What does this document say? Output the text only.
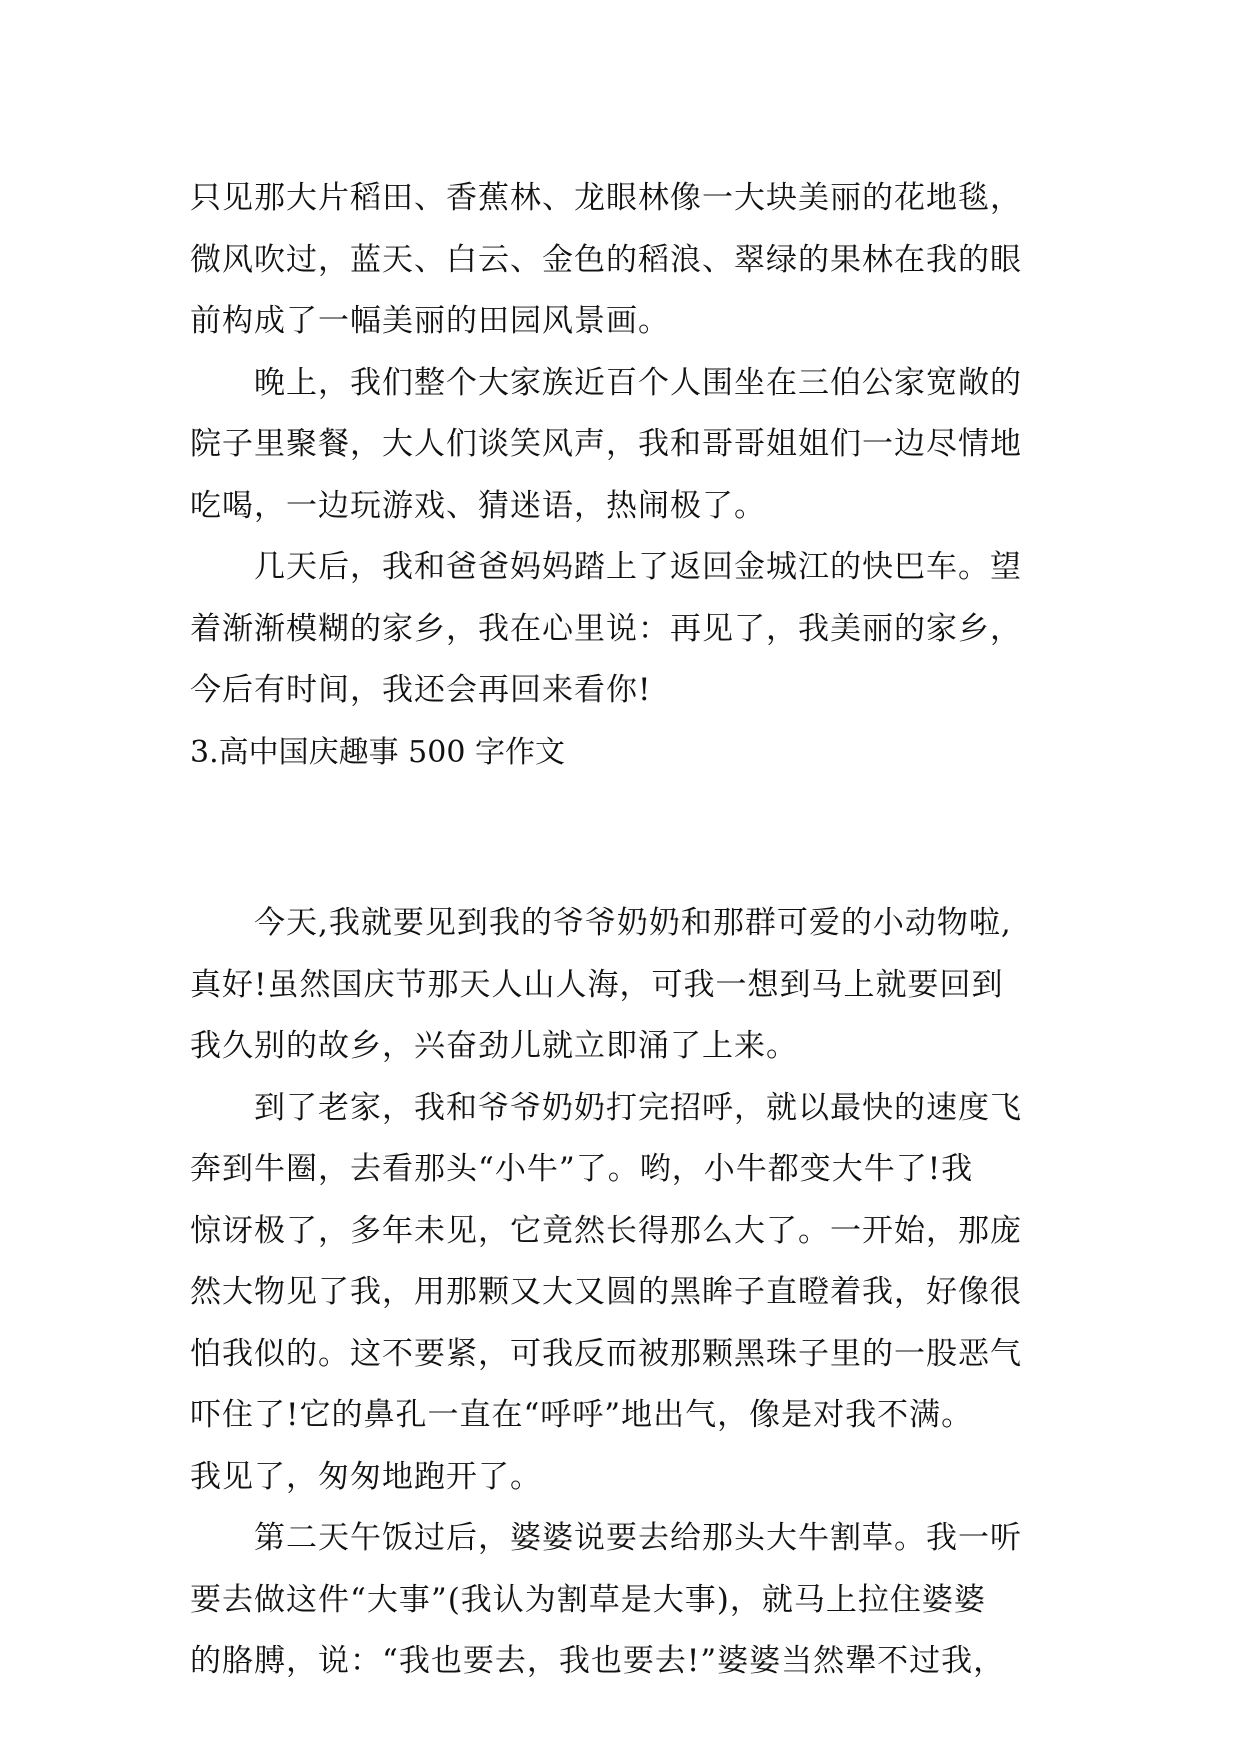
只见那大片稻田、香蕉林、龙眼林像一大块美丽的花地毯，
微风吹过，蓝天、白云、金色的稻浪、翠绿的果林在我的眼
前构成了一幅美丽的田园风景画。
晚上，我们整个大家族近百个人围坐在三伯公家宽敞的
院子里聚餐，大人们谈笑风声，我和哥哥姐姐们一边尽情地
吃喝，一边玩游戏、猜迷语，热闹极了。
几天后，我和爸爸妈妈踏上了返回金城江的快巴车。望
着渐渐模糊的家乡，我在心里说：再见了，我美丽的家乡，
今后有时间，我还会再回来看你!
3.高中国庆趣事 500 字作文
今天,我就要见到我的爷爷奶奶和那群可爱的小动物啦,
真好!虽然国庆节那天人山人海，可我一想到马上就要回到
我久别的故乡，兴奋劲儿就立即涌了上来。
到了老家，我和爷爷奶奶打完招呼，就以最快的速度飞
奔到牛圈，去看那头“小牛”了。哟，小牛都变大牛了!我
惊讶极了，多年未见，它竟然长得那么大了。一开始，那庞
然大物见了我，用那颗又大又圆的黑眸子直瞪着我，好像很
怕我似的。这不要紧，可我反而被那颗黑珠子里的一股恶气
吓住了!它的鼻孔一直在“呼呼”地出气，像是对我不满。
我见了，匆匆地跑开了。
第二天午饭过后，婆婆说要去给那头大牛割草。我一听
要去做这件“大事”(我认为割草是大事)，就马上拉住婆婆
的胳膊，说：“我也要去，我也要去!”婆婆当然犟不过我，
